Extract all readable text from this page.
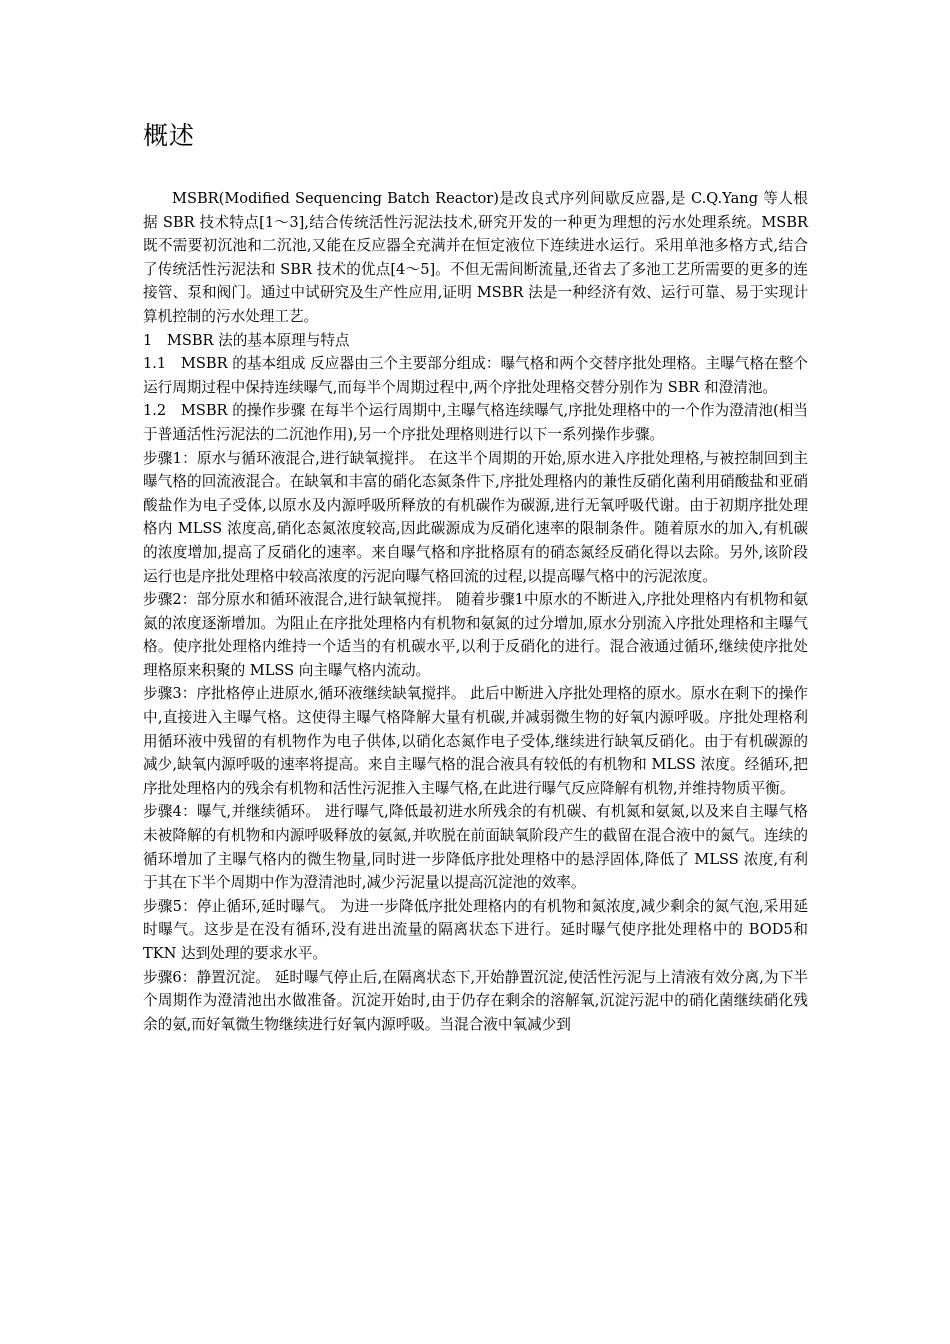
概述

MSBR(Modified Sequencing Batch Reactor)是改良式序列间歇反应器,是 C.Q.Yang 等人根据 SBR 技术特点[1～3],结合传统活性污泥法技术,研究开发的一种更为理想的污水处理系统。MSBR 既不需要初沉池和二沉池,又能在反应器全充满并在恒定液位下连续进水运行。采用单池多格方式,结合了传统活性污泥法和 SBR 技术的优点[4～5]。不但无需间断流量,还省去了多池工艺所需要的更多的连接管、泵和阀门。通过中试研究及生产性应用,证明 MSBR 法是一种经济有效、运行可靠、易于实现计算机控制的污水处理工艺。

1　MSBR 法的基本原理与特点

1.1　MSBR 的基本组成 反应器由三个主要部分组成：曝气格和两个交替序批处理格。主曝气格在整个运行周期过程中保持连续曝气,而每半个周期过程中,两个序批处理格交替分别作为 SBR 和澄清池。

1.2　MSBR 的操作步骤 在每半个运行周期中,主曝气格连续曝气,序批处理格中的一个作为澄清池(相当于普通活性污泥法的二沉池作用),另一个序批处理格则进行以下一系列操作步骤。

步骤1：原水与循环液混合,进行缺氧搅拌。 在这半个周期的开始,原水进入序批处理格,与被控制回到主曝气格的回流液混合。在缺氧和丰富的硝化态氮条件下,序批处理格内的兼性反硝化菌利用硝酸盐和亚硝酸盐作为电子受体,以原水及内源呼吸所释放的有机碳作为碳源,进行无氧呼吸代谢。由于初期序批处理格内 MLSS 浓度高,硝化态氮浓度较高,因此碳源成为反硝化速率的限制条件。随着原水的加入,有机碳的浓度增加,提高了反硝化的速率。来自曝气格和序批格原有的硝态氮经反硝化得以去除。另外,该阶段运行也是序批处理格中较高浓度的污泥向曝气格回流的过程,以提高曝气格中的污泥浓度。

步骤2：部分原水和循环液混合,进行缺氧搅拌。 随着步骤1中原水的不断进入,序批处理格内有机物和氨氮的浓度逐渐增加。为阻止在序批处理格内有机物和氨氮的过分增加,原水分别流入序批处理格和主曝气格。使序批处理格内维持一个适当的有机碳水平,以利于反硝化的进行。混合液通过循环,继续使序批处理格原来积聚的 MLSS 向主曝气格内流动。

步骤3：序批格停止进原水,循环液继续缺氧搅拌。 此后中断进入序批处理格的原水。原水在剩下的操作中,直接进入主曝气格。这使得主曝气格降解大量有机碳,并减弱微生物的好氧内源呼吸。序批处理格利用循环液中残留的有机物作为电子供体,以硝化态氮作电子受体,继续进行缺氧反硝化。由于有机碳源的减少,缺氧内源呼吸的速率将提高。来自主曝气格的混合液具有较低的有机物和 MLSS 浓度。经循环,把序批处理格内的残余有机物和活性污泥推入主曝气格,在此进行曝气反应降解有机物,并维持物质平衡。

步骤4：曝气,并继续循环。 进行曝气,降低最初进水所残余的有机碳、有机氮和氨氮,以及来自主曝气格未被降解的有机物和内源呼吸释放的氨氮,并吹脱在前面缺氧阶段产生的截留在混合液中的氮气。连续的循环增加了主曝气格内的微生物量,同时进一步降低序批处理格中的悬浮固体,降低了 MLSS 浓度,有利于其在下半个周期中作为澄清池时,减少污泥量以提高沉淀池的效率。

步骤5：停止循环,延时曝气。 为进一步降低序批处理格内的有机物和氮浓度,减少剩余的氮气泡,采用延时曝气。这步是在没有循环,没有进出流量的隔离状态下进行。延时曝气使序批处理格中的 BOD5和 TKN 达到处理的要求水平。

步骤6：静置沉淀。 延时曝气停止后,在隔离状态下,开始静置沉淀,使活性污泥与上清液有效分离,为下半个周期作为澄清池出水做准备。沉淀开始时,由于仍存在剩余的溶解氧,沉淀污泥中的硝化菌继续硝化残余的氨,而好氧微生物继续进行好氧内源呼吸。当混合液中氧减少到
